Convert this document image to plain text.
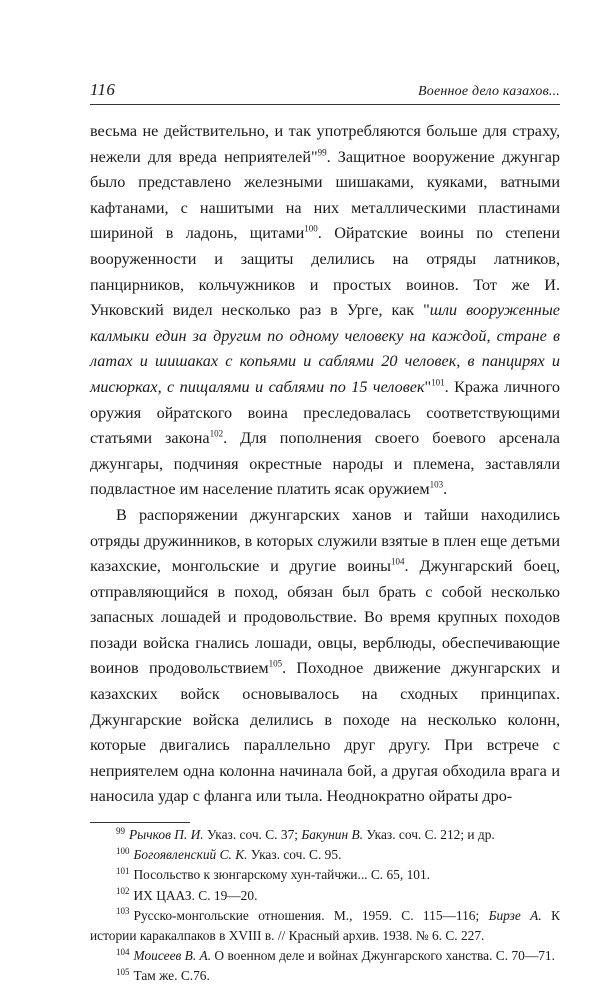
116	Военное дело казахов...

весьма не действительно, и так употребляются больше для страху, нежели для вреда неприятелей"$^{99}$. Защитное вооружение джунгар было представлено железными шишаками, куяками, ватными кафтанами, с нашитыми на них металлическими пластинами шириной в ладонь, щитами$^{100}$. Ойратские воины по степени вооруженности и защиты делились на отряды латников, панцирников, кольчужников и простых воинов. Тот же И. Унковский видел несколько раз в Урге, как "шли вооруженные калмыки един за другим по одному человеку на каждой, стране в латах и шишаках с копьями и саблями 20 человек, в панцирях и мисюрках, с пищалями и саблями по 15 человек"$^{101}$. Кража личного оружия ойратского воина преследовалась соответствующими статьями закона$^{102}$. Для пополнения своего боевого арсенала джунгары, подчиняя окрестные народы и племена, заставляли подвластное им население платить ясак оружием$^{103}$.

В распоряжении джунгарских ханов и тайши находились отряды дружинников, в которых служили взятые в плен еще детьми казахские, монгольские и другие воины$^{104}$. Джунгарский боец, отправляющийся в поход, обязан был брать с собой несколько запасных лошадей и продовольствие. Во время крупных походов позади войска гнались лошади, овцы, верблюды, обеспечивающие воинов продовольствием$^{105}$. Походное движение джунгарских и казахских войск основывалось на сходных принципах. Джунгарские войска делились в походе на несколько колонн, которые двигались параллельно друг другу. При встрече с неприятелем одна колонна начинала бой, а другая обходила врага и наносила удар с фланга или тыла. Неоднократно ойраты дро-

$^{99}$ Рычков П. И. Указ. соч. С. 37; Бакунин В. Указ. соч. С. 212; и др.

$^{100}$ Богоявленский С. К. Указ. соч. С. 95.

$^{101}$ Посольство к зюнгарскому хун-тайчжи... С. 65, 101.

$^{102}$ ИХ ЦААЗ. С. 19—20.

$^{103}$ Русско-монгольские отношения. М., 1959. С. 115—116; Бирзе А. К истории каракалпаков в XVIII в. // Красный архив. 1938. № 6. С. 227.

$^{104}$ Моисеев В. А. О военном деле и войнах Джунгарского ханства. С. 70—71.

$^{105}$ Там же. С.76.
